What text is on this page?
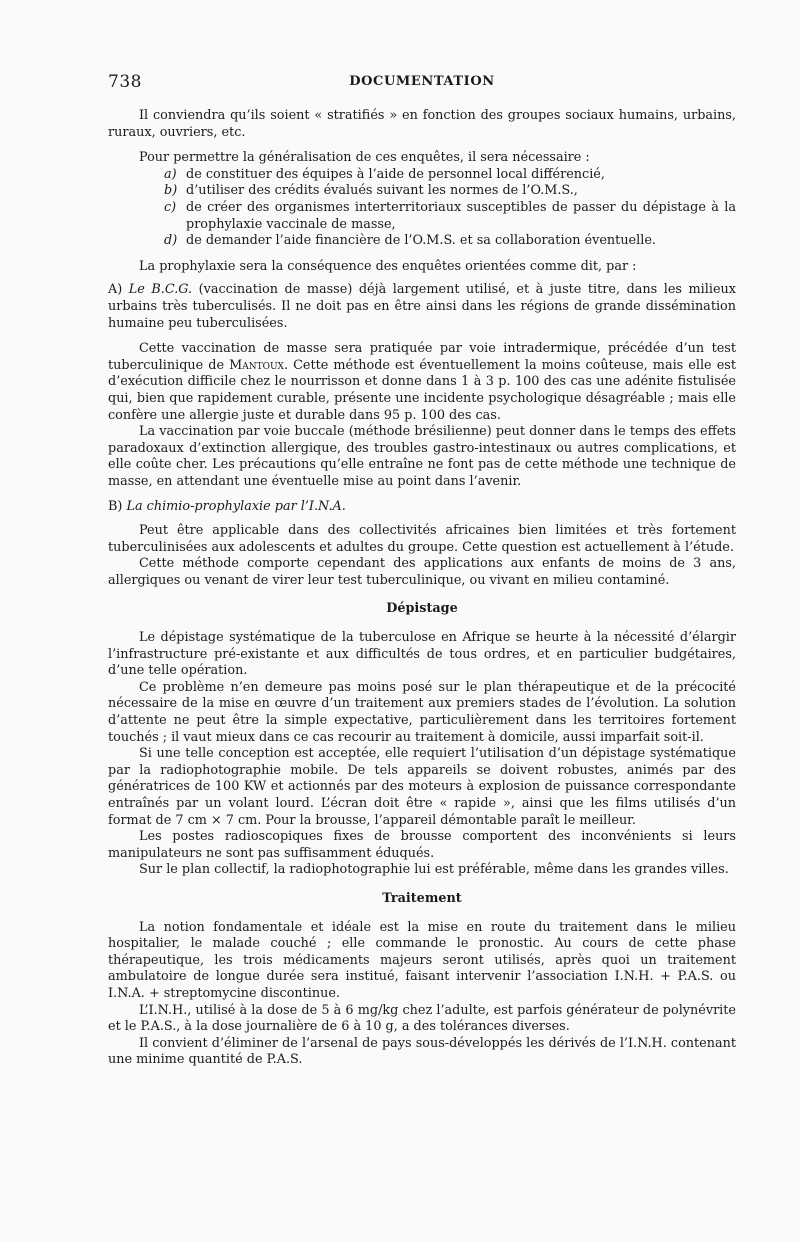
738	DOCUMENTATION

Il conviendra qu’ils soient « stratifiés » en fonction des groupes sociaux humains, urbains, ruraux, ouvriers, etc.

Pour permettre la généralisation de ces enquêtes, il sera nécessaire :

a) de constituer des équipes à l’aide de personnel local différencié,
b) d’utiliser des crédits évalués suivant les normes de l’O.M.S.,
c) de créer des organismes interterritoriaux susceptibles de passer du dépistage à la prophylaxie vaccinale de masse,
d) de demander l’aide financière de l’O.M.S. et sa collaboration éventuelle.

La prophylaxie sera la conséquence des enquêtes orientées comme dit, par :

A) Le B.C.G. (vaccination de masse) déjà largement utilisé, et à juste titre, dans les milieux urbains très tuberculisés. Il ne doit pas en être ainsi dans les régions de grande dissémination humaine peu tuberculisées.

Cette vaccination de masse sera pratiquée par voie intradermique, précédée d’un test tuberculinique de Mantoux. Cette méthode est éventuellement la moins coûteuse, mais elle est d’exécution difficile chez le nourrisson et donne dans 1 à 3 p. 100 des cas une adénite fistulisée qui, bien que rapidement curable, présente une incidente psychologique désagréable ; mais elle confère une allergie juste et durable dans 95 p. 100 des cas.

La vaccination par voie buccale (méthode brésilienne) peut donner dans le temps des effets paradoxaux d’extinction allergique, des troubles gastro-intestinaux ou autres complications, et elle coûte cher. Les précautions qu’elle entraîne ne font pas de cette méthode une technique de masse, en attendant une éventuelle mise au point dans l’avenir.

B) La chimio-prophylaxie par l’I.N.A.

Peut être applicable dans des collectivités africaines bien limitées et très fortement tuberculinisées aux adolescents et adultes du groupe. Cette question est actuellement à l’étude.

Cette méthode comporte cependant des applications aux enfants de moins de 3 ans, allergiques ou venant de virer leur test tuberculinique, ou vivant en milieu contaminé.

Dépistage

Le dépistage systématique de la tuberculose en Afrique se heurte à la nécessité d’élargir l’infrastructure pré-existante et aux difficultés de tous ordres, et en particulier budgétaires, d’une telle opération.

Ce problème n’en demeure pas moins posé sur le plan thérapeutique et de la précocité nécessaire de la mise en œuvre d’un traitement aux premiers stades de l’évolution. La solution d’attente ne peut être la simple expectative, particulièrement dans les territoires fortement touchés ; il vaut mieux dans ce cas recourir au traitement à domicile, aussi imparfait soit-il.

Si une telle conception est acceptée, elle requiert l’utilisation d’un dépistage systématique par la radiophotographie mobile. De tels appareils se doivent robustes, animés par des génératrices de 100 KW et actionnés par des moteurs à explosion de puissance correspondante entraînés par un volant lourd. L’écran doit être « rapide », ainsi que les films utilisés d’un format de 7 cm × 7 cm. Pour la brousse, l’appareil démontable paraît le meilleur.

Les postes radioscopiques fixes de brousse comportent des inconvénients si leurs manipulateurs ne sont pas suffisamment éduqués.

Sur le plan collectif, la radiophotographie lui est préférable, même dans les grandes villes.

Traitement

La notion fondamentale et idéale est la mise en route du traitement dans le milieu hospitalier, le malade couché ; elle commande le pronostic. Au cours de cette phase thérapeutique, les trois médicaments majeurs seront utilisés, après quoi un traitement ambulatoire de longue durée sera institué, faisant intervenir l’association I.N.H. + P.A.S. ou I.N.A. + streptomycine discontinue.

L’I.N.H., utilisé à la dose de 5 à 6 mg/kg chez l’adulte, est parfois générateur de polynévrite et le P.A.S., à la dose journalière de 6 à 10 g, a des tolérances diverses.

Il convient d’éliminer de l’arsenal de pays sous-développés les dérivés de l’I.N.H. contenant une minime quantité de P.A.S.
